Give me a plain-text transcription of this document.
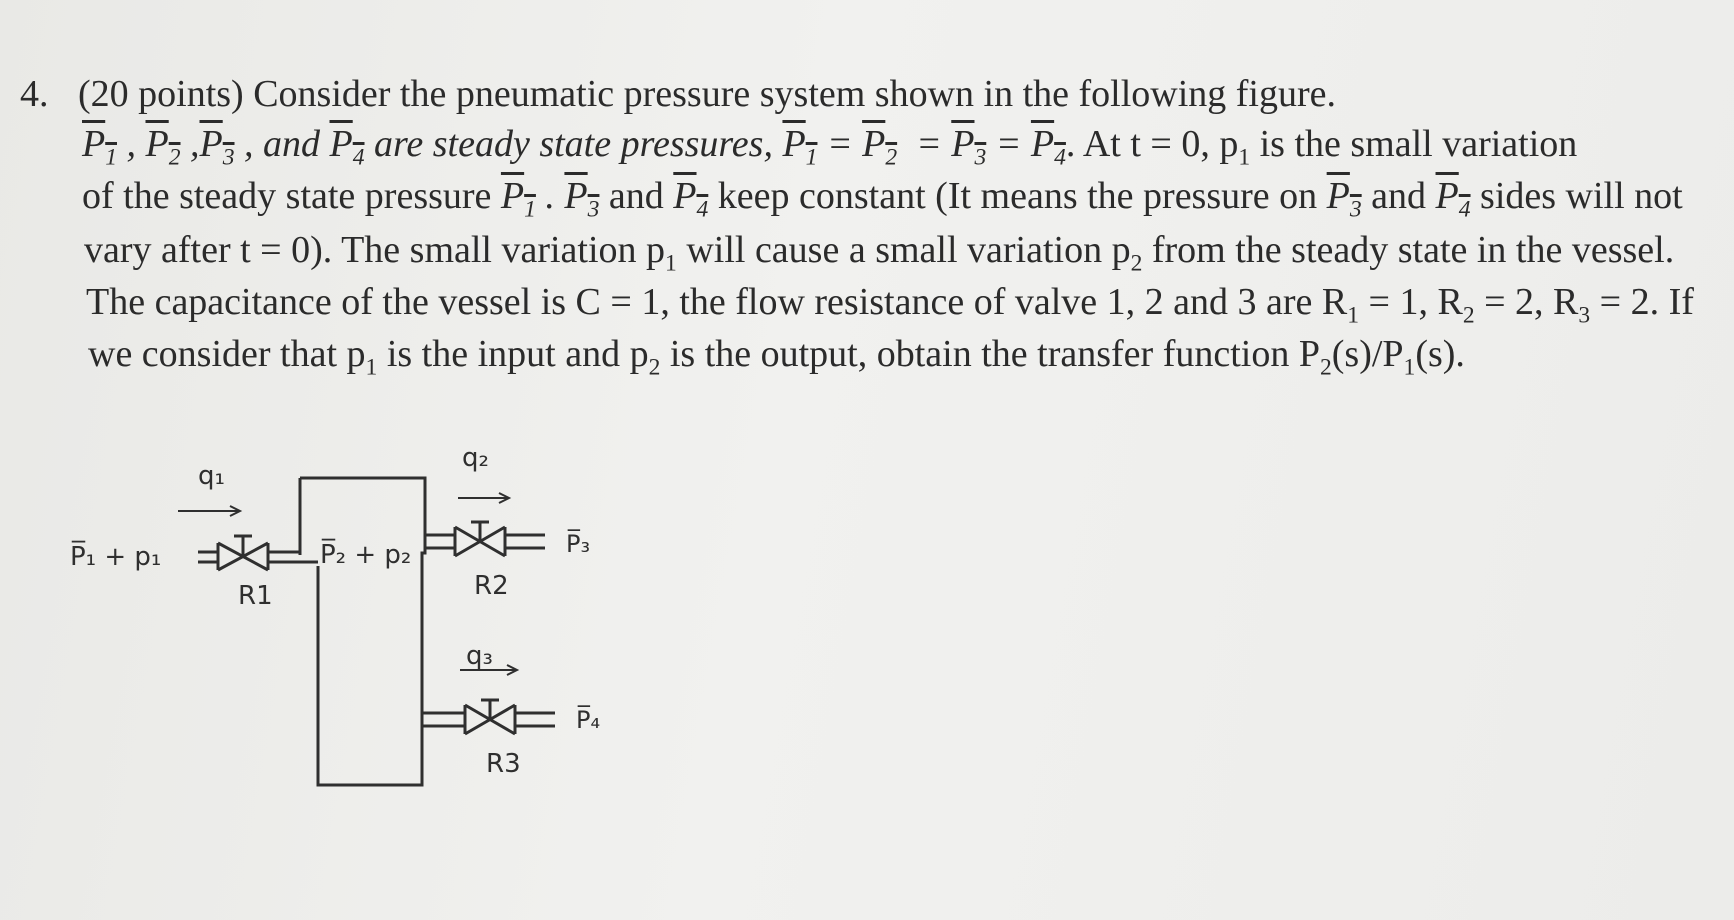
4. (20 points) Consider the pneumatic pressure system shown in the following figure.
$P_1$ , $P_2$ $,P_3$ , and $P_4$ are steady state pressures, $P_1 = P_2 = P_3 = P_4$. At t = 0, $p_1$ is the small variation
of the steady state pressure $P_1$ . $P_3$ and $P_4$ keep constant (It means the pressure on $P_3$ and $P_4$ sides will not
vary after t = 0). The small variation $p_1$ will cause a small variation $p_2$ from the steady state in the vessel.
The capacitance of the vessel is C = 1, the flow resistance of valve 1, 2 and 3 are $R_1 = 1$, $R_2 = 2$, $R_3 = 2$. If
we consider that $p_1$ is the input and $p_2$ is the output, obtain the transfer function $P_2(s)/P_1(s)$.
q₁
q₂
q₃
P̅₁ + p₁	P̅₂ + p₂	P̅₃
P̅₄
R1	R2
R3
